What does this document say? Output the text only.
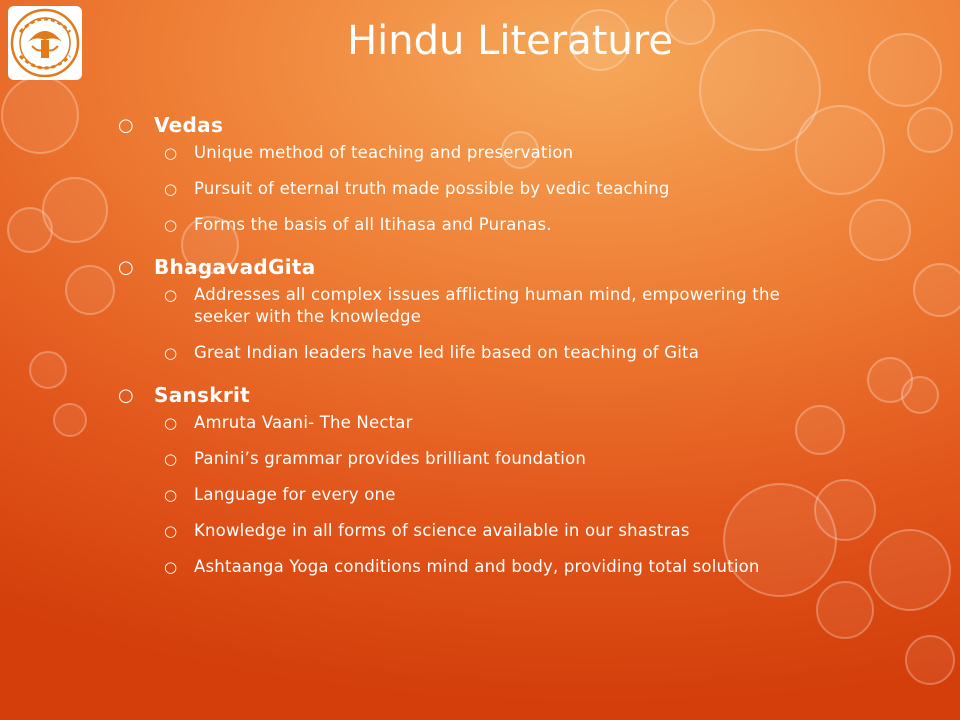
Hindu Literature
○	Vedas
○	Unique method of teaching and preservation
○	Pursuit of eternal truth made possible by vedic teaching
○	Forms the basis of all Itihasa and Puranas.
○	BhagavadGita
○	Addresses all complex issues afflicting human mind, empowering the seeker with the knowledge
○	Great Indian leaders have led life based on teaching of Gita
○	Sanskrit
○	Amruta Vaani- The Nectar
○	Panini’s grammar provides brilliant foundation
○	Language for every one
○	Knowledge in all forms of science available in our shastras
○	Ashtaanga Yoga conditions mind and body, providing total solution
